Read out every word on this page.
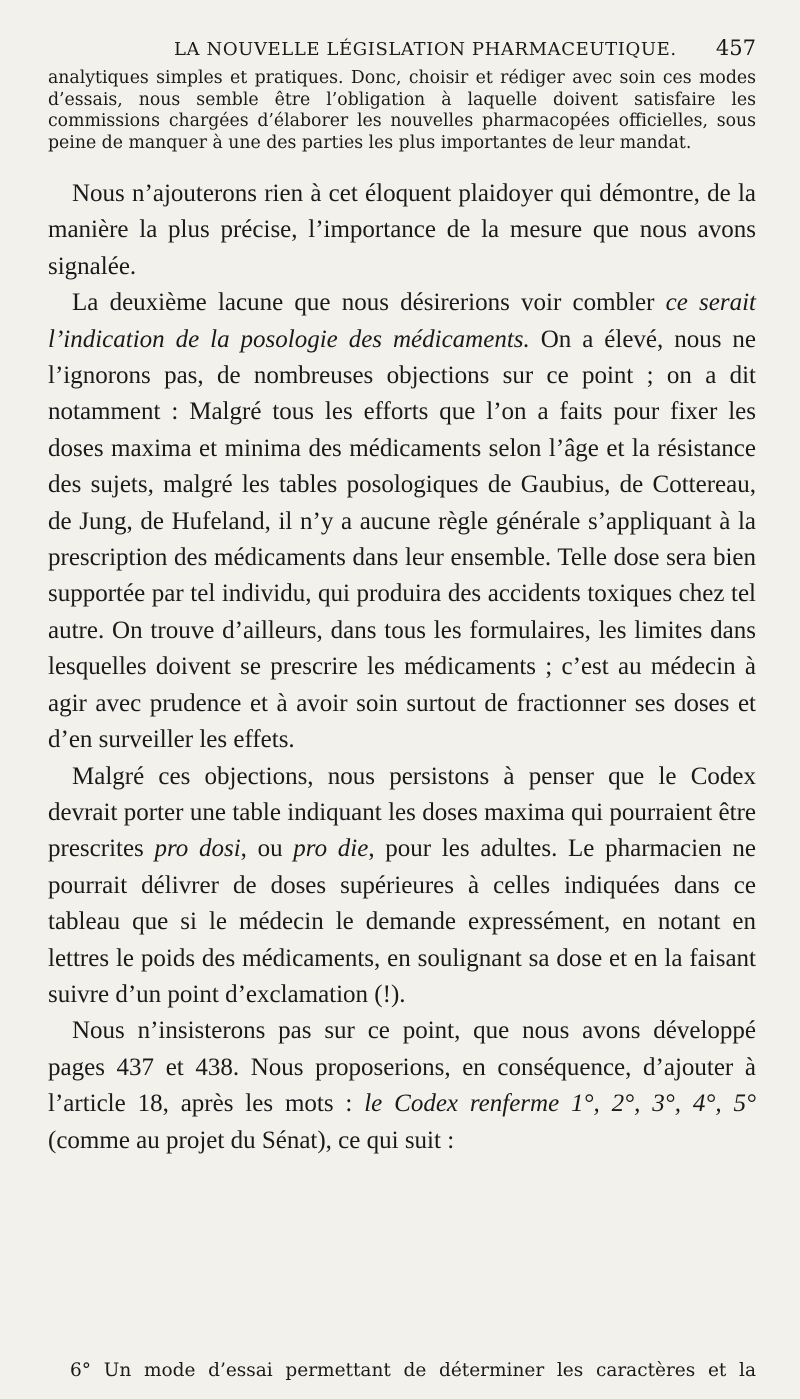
LA NOUVELLE LÉGISLATION PHARMACEUTIQUE. 457

analytiques simples et pratiques. Donc, choisir et rédiger avec soin ces modes d’essais, nous semble être l’obligation à laquelle doivent satisfaire les commissions chargées d’élaborer les nouvelles pharmacopées officielles, sous peine de manquer à une des parties les plus importantes de leur mandat.

Nous n’ajouterons rien à cet éloquent plaidoyer qui démontre, de la manière la plus précise, l’importance de la mesure que nous avons signalée.

La deuxième lacune que nous désirerions voir combler ce serait l’indication de la posologie des médicaments. On a élevé, nous ne l’ignorons pas, de nombreuses objections sur ce point ; on a dit notamment : Malgré tous les efforts que l’on a faits pour fixer les doses maxima et minima des médicaments selon l’âge et la résistance des sujets, malgré les tables posologiques de Gaubius, de Cottereau, de Jung, de Hufeland, il n’y a aucune règle générale s’appliquant à la prescription des médicaments dans leur ensemble. Telle dose sera bien supportée par tel individu, qui produira des accidents toxiques chez tel autre. On trouve d’ailleurs, dans tous les formulaires, les limites dans lesquelles doivent se prescrire les médicaments ; c’est au médecin à agir avec prudence et à avoir soin surtout de fractionner ses doses et d’en surveiller les effets.

Malgré ces objections, nous persistons à penser que le Codex devrait porter une table indiquant les doses maxima qui pourraient être prescrites pro dosi, ou pro die, pour les adultes. Le pharmacien ne pourrait délivrer de doses supérieures à celles indiquées dans ce tableau que si le médecin le demande expressément, en notant en lettres le poids des médicaments, en soulignant sa dose et en la faisant suivre d’un point d’exclamation (!).

Nous n’insisterons pas sur ce point, que nous avons développé pages 437 et 438. Nous proposerions, en conséquence, d’ajouter à l’article 18, après les mots : le Codex renferme 1°, 2°, 3°, 4°, 5° (comme au projet du Sénat), ce qui suit :

6° Un mode d’essai permettant de déterminer les caractères et la
